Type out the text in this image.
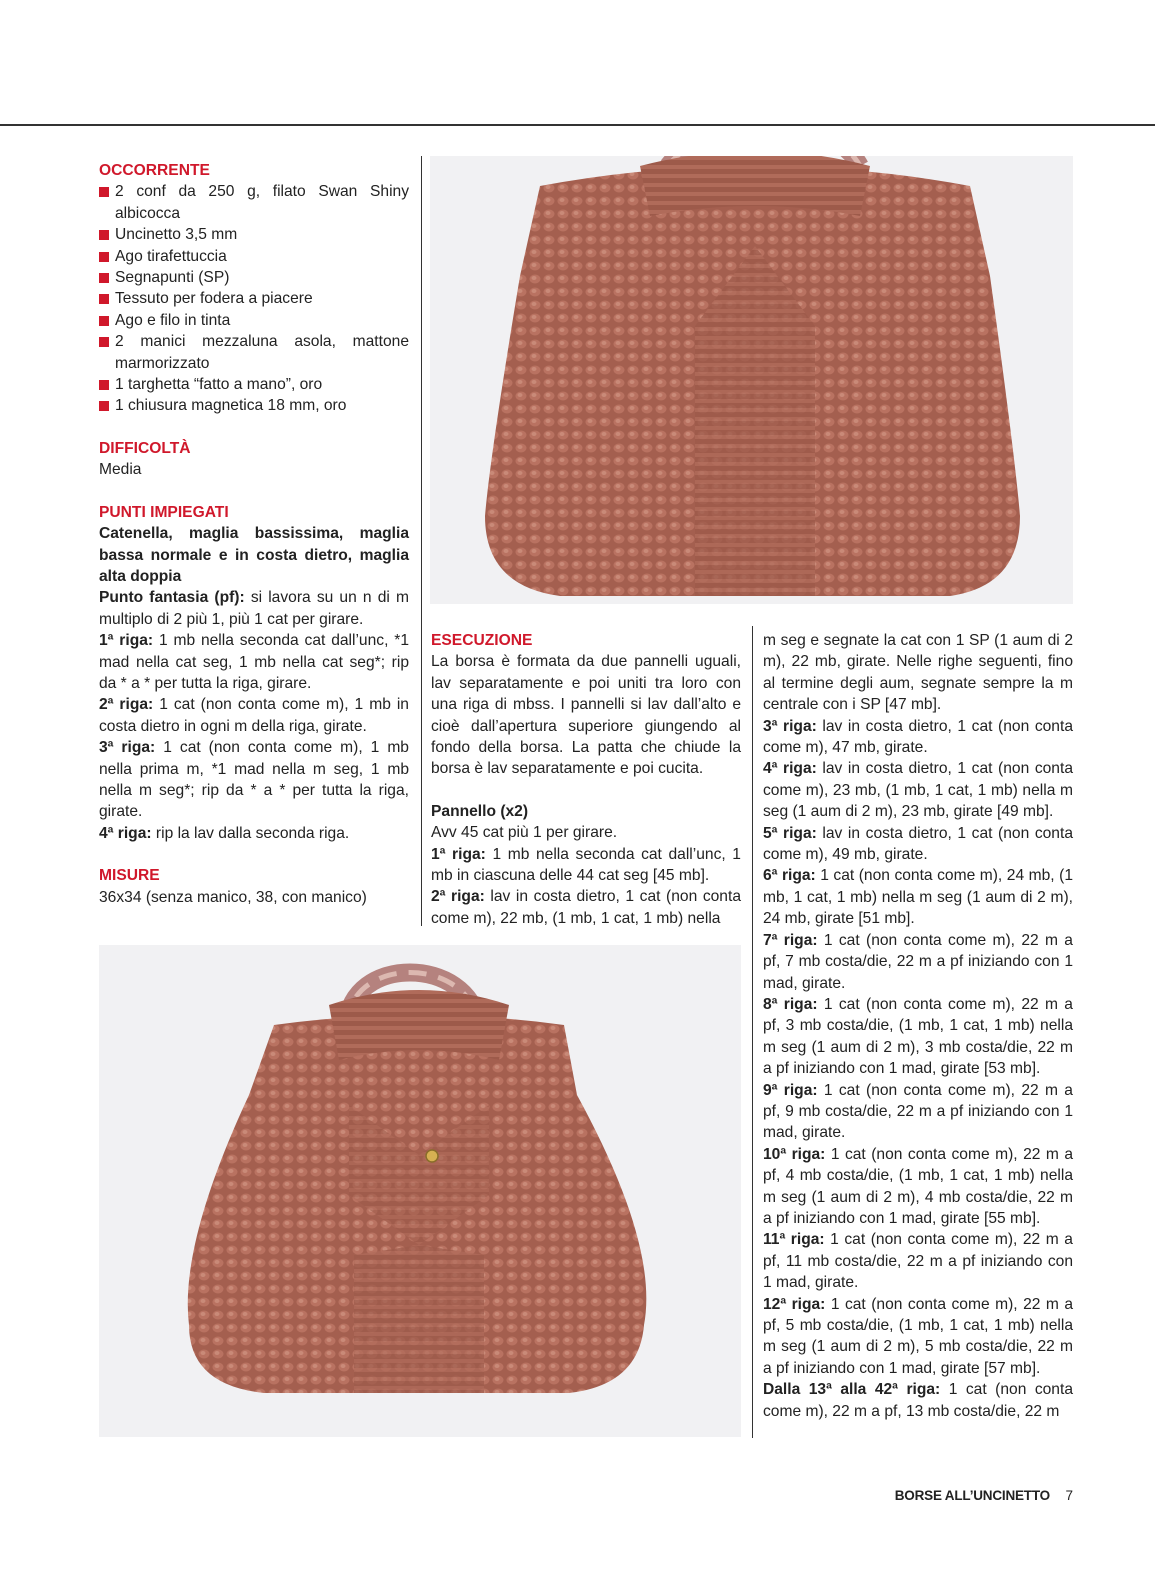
OCCORRENTE

2 conf da 250 g, filato Swan Shiny albicocca
Uncinetto 3,5 mm
Ago tirafettuccia
Segnapunti (SP)
Tessuto per fodera a piacere
Ago e filo in tinta
2 manici mezzaluna asola, mattone marmorizzato
1 targhetta “fatto a mano”, oro
1 chiusura magnetica 18 mm, oro

DIFFICOLTÀ

Media

PUNTI IMPIEGATI

Catenella, maglia bassissima, maglia bassa normale e in costa dietro, maglia alta doppia

Punto fantasia (pf): si lavora su un n di m multiplo di 2 più 1, più 1 cat per girare.

1ª riga: 1 mb nella seconda cat dall’unc, *1 mad nella cat seg, 1 mb nella cat seg*; rip da * a * per tutta la riga, girare.

2ª riga: 1 cat (non conta come m), 1 mb in costa dietro in ogni m della riga, girate.

3ª riga: 1 cat (non conta come m), 1 mb nella prima m, *1 mad nella m seg, 1 mb nella m seg*; rip da * a * per tutta la riga, girate.

4ª riga: rip la lav dalla seconda riga.

MISURE

36x34 (senza manico, 38, con manico)

ESECUZIONE

La borsa è formata da due pannelli uguali, lav separatamente e poi uniti tra loro con una riga di mbss. I pannelli si lav dall’alto e cioè dall’apertura superiore giungendo al fondo della borsa. La patta che chiude la borsa è lav separatamente e poi cucita.

Pannello (x2)

Avv 45 cat più 1 per girare.

1ª riga: 1 mb nella seconda cat dall’unc, 1 mb in ciascuna delle 44 cat seg [45 mb].

2ª riga: lav in costa dietro, 1 cat (non conta come m), 22 mb, (1 mb, 1 cat, 1 mb) nella

m seg e segnate la cat con 1 SP (1 aum di 2 m), 22 mb, girate. Nelle righe seguenti, fino al termine degli aum, segnate sempre la m centrale con i SP [47 mb].

3ª riga: lav in costa dietro, 1 cat (non conta come m), 47 mb, girate.

4ª riga: lav in costa dietro, 1 cat (non conta come m), 23 mb, (1 mb, 1 cat, 1 mb) nella m seg (1 aum di 2 m), 23 mb, girate [49 mb].

5ª riga: lav in costa dietro, 1 cat (non conta come m), 49 mb, girate.

6ª riga: 1 cat (non conta come m), 24 mb, (1 mb, 1 cat, 1 mb) nella m seg (1 aum di 2 m), 24 mb, girate [51 mb].

7ª riga: 1 cat (non conta come m), 22 m a pf, 7 mb costa/die, 22 m a pf iniziando con 1 mad, girate.

8ª riga: 1 cat (non conta come m), 22 m a pf, 3 mb costa/die, (1 mb, 1 cat, 1 mb) nella m seg (1 aum di 2 m), 3 mb costa/die, 22 m a pf iniziando con 1 mad, girate [53 mb].

9ª riga: 1 cat (non conta come m), 22 m a pf, 9 mb costa/die, 22 m a pf iniziando con 1 mad, girate.

10ª riga: 1 cat (non conta come m), 22 m a pf, 4 mb costa/die, (1 mb, 1 cat, 1 mb) nella m seg (1 aum di 2 m), 4 mb costa/die, 22 m a pf iniziando con 1 mad, girate [55 mb].

11ª riga: 1 cat (non conta come m), 22 m a pf, 11 mb costa/die, 22 m a pf iniziando con 1 mad, girate.

12ª riga: 1 cat (non conta come m), 22 m a pf, 5 mb costa/die, (1 mb, 1 cat, 1 mb) nella m seg (1 aum di 2 m), 5 mb costa/die, 22 m a pf iniziando con 1 mad, girate [57 mb].

Dalla 13ª alla 42ª riga: 1 cat (non conta come m), 22 m a pf, 13 mb costa/die, 22 m

BORSE ALL’UNCINETTO 7
